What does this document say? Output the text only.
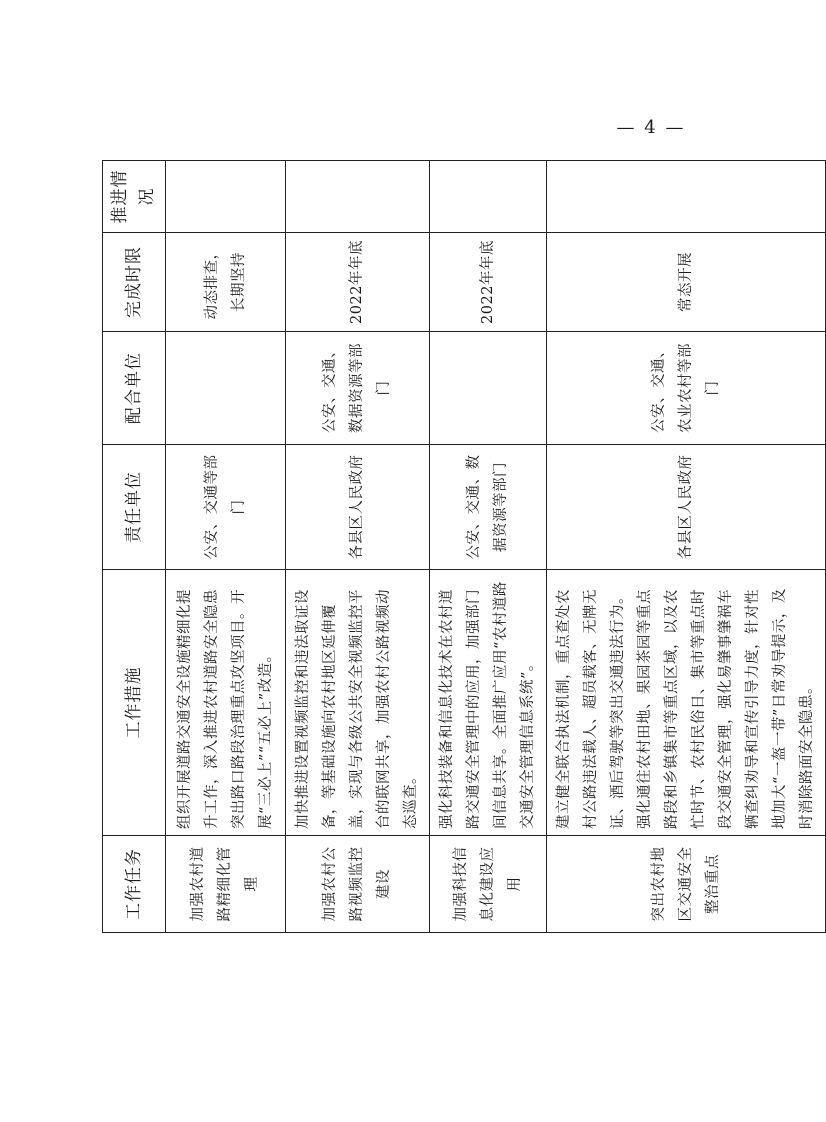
工作任务	工作措施	责任单位	配合单位	完成时限	推进情况
加强农村道路精细化管理	组织开展道路交通安全设施精细化提升工作，深入推进农村道路安全隐患突出路口路段治理重点攻坚项目。开展“三必上”“五必上”改造。	公安、交通等部门		动态排查，长期坚持	
加强农村公路视频监控建设	加快推进设置视频监控和违法取证设备，等基础设施向农村地区延伸覆盖，实现与各级公共安全视频监控平台的联网共享，加强农村公路视频动态巡查。	各县区人民政府	公安、交通、数据资源等部门	2022年年底	
加强科技信息化建设应用	强化科技装备和信息化技术在农村道路交通安全管理中的应用，加强部门间信息共享。全面推广应用“农村道路交通安全管理信息系统”。	公安、交通、数据资源等部门		2022年年底	
突出农村地区交通安全整治重点	建立健全联合执法机制，重点查处农村公路违法载人、超员载客、无牌无证、酒后驾驶等突出交通违法行为。强化通往农村田地、果园茶园等重点路段和乡镇集市等重点区域，以及农忙时节、农村民俗日、集市等重点时段交通安全管理，强化易肇事肇祸车辆查纠劝导和宣传引导力度，针对性地加大“一盔一带”日常劝导提示，及时消除路面安全隐患。	各县区人民政府	公安、交通、农业农村等部门	常态开展	
— 4 —
